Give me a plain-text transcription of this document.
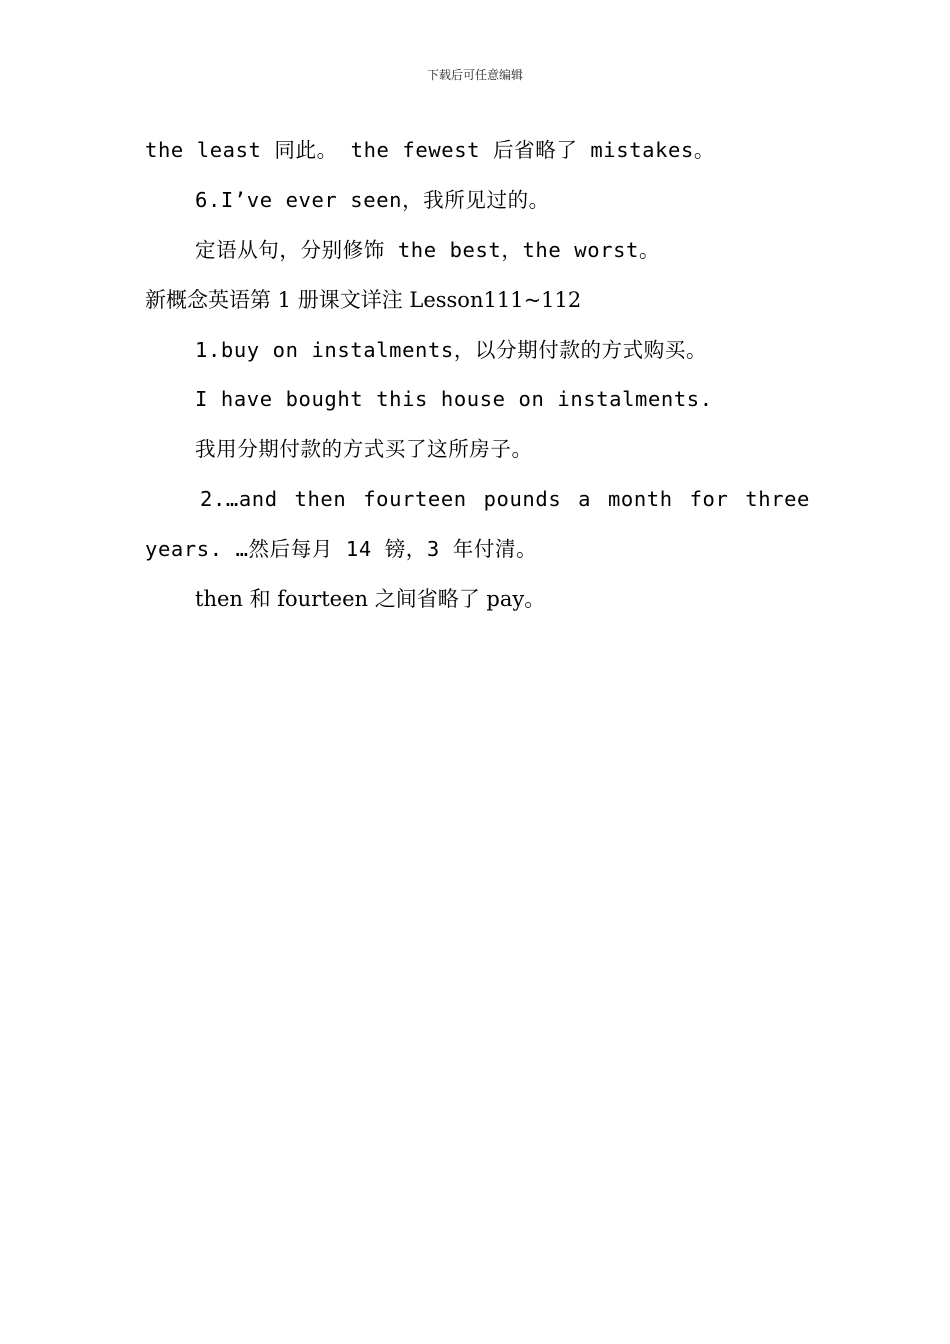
下载后可任意编辑
the least 同此。 the fewest 后省略了 mistakes。
6.I’ve ever seen，我所见过的。
定语从句，分别修饰 the best，the worst。
新概念英语第 1 册课文详注 Lesson111~112
1.buy on instalments，以分期付款的方式购买。
I have bought this house on instalments.
我用分期付款的方式买了这所房子。
2.…and then fourteen pounds a month for three
years. …然后每月 14 镑，3 年付清。
then 和 fourteen 之间省略了 pay。
